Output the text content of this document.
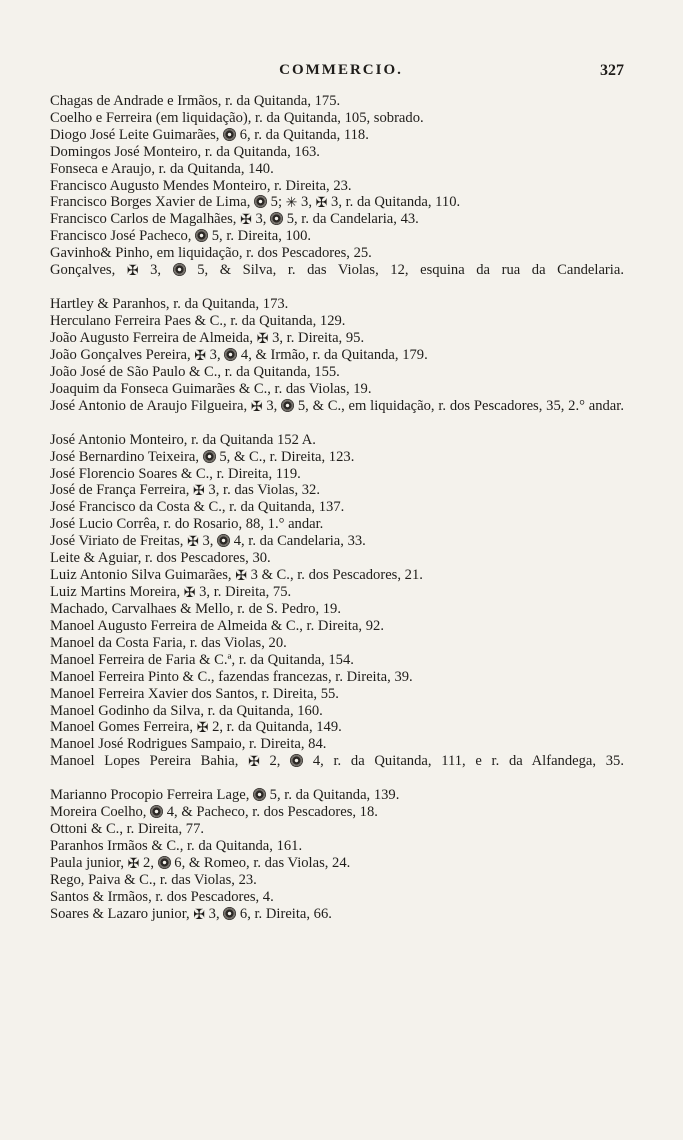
COMMERCIO.	327
Chagas de Andrade e Irmãos, r. da Quitanda, 175.
Coelho e Ferreira (em liquidação), r. da Quitanda, 105, sobrado.
Diogo José Leite Guimarães,  6, r. da Quitanda, 118.
Domingos José Monteiro, r. da Quitanda, 163.
Fonseca e Araujo, r. da Quitanda, 140.
Francisco Augusto Mendes Monteiro, r. Direita, 23.
Francisco Borges Xavier de Lima,  5; ✳ 3, ✠ 3, r. da Quitanda, 110.
Francisco Carlos de Magalhães, ✠ 3,  5, r. da Candelaria, 43.
Francisco José Pacheco,  5, r. Direita, 100.
Gavinho& Pinho, em liquidação, r. dos Pescadores, 25.
Gonçalves, ✠ 3,  5, & Silva, r. das Violas, 12, esquina da rua da Candelaria.
Hartley & Paranhos, r. da Quitanda, 173.
Herculano Ferreira Paes & C., r. da Quitanda, 129.
João Augusto Ferreira de Almeida, ✠ 3, r. Direita, 95.
João Gonçalves Pereira, ✠ 3,  4, & Irmão, r. da Quitanda, 179.
João José de São Paulo & C., r. da Quitanda, 155.
Joaquim da Fonseca Guimarães & C., r. das Violas, 19.
José Antonio de Araujo Filgueira, ✠ 3,  5, & C., em liquidação, r. dos Pescadores, 35, 2.° andar.
José Antonio Monteiro, r. da Quitanda 152 A.
José Bernardino Teixeira,  5, & C., r. Direita, 123.
José Florencio Soares & C., r. Direita, 119.
José de França Ferreira, ✠ 3, r. das Violas, 32.
José Francisco da Costa & C., r. da Quitanda, 137.
José Lucio Corrêa, r. do Rosario, 88, 1.° andar.
José Viriato de Freitas, ✠ 3,  4, r. da Candelaria, 33.
Leite & Aguiar, r. dos Pescadores, 30.
Luiz Antonio Silva Guimarães, ✠ 3 & C., r. dos Pescadores, 21.
Luiz Martins Moreira, ✠ 3, r. Direita, 75.
Machado, Carvalhaes & Mello, r. de S. Pedro, 19.
Manoel Augusto Ferreira de Almeida & C., r. Direita, 92.
Manoel da Costa Faria, r. das Violas, 20.
Manoel Ferreira de Faria & C.ª, r. da Quitanda, 154.
Manoel Ferreira Pinto & C., fazendas francezas, r. Direita, 39.
Manoel Ferreira Xavier dos Santos, r. Direita, 55.
Manoel Godinho da Silva, r. da Quitanda, 160.
Manoel Gomes Ferreira, ✠ 2, r. da Quitanda, 149.
Manoel José Rodrigues Sampaio, r. Direita, 84.
Manoel Lopes Pereira Bahia, ✠ 2,  4, r. da Quitanda, 111, e r. da Alfandega, 35.
Marianno Procopio Ferreira Lage,  5, r. da Quitanda, 139.
Moreira Coelho,  4, & Pacheco, r. dos Pescadores, 18.
Ottoni & C., r. Direita, 77.
Paranhos Irmãos & C., r. da Quitanda, 161.
Paula junior, ✠ 2,  6, & Romeo, r. das Violas, 24.
Rego, Paiva & C., r. das Violas, 23.
Santos & Irmãos, r. dos Pescadores, 4.
Soares & Lazaro junior, ✠ 3,  6, r. Direita, 66.
